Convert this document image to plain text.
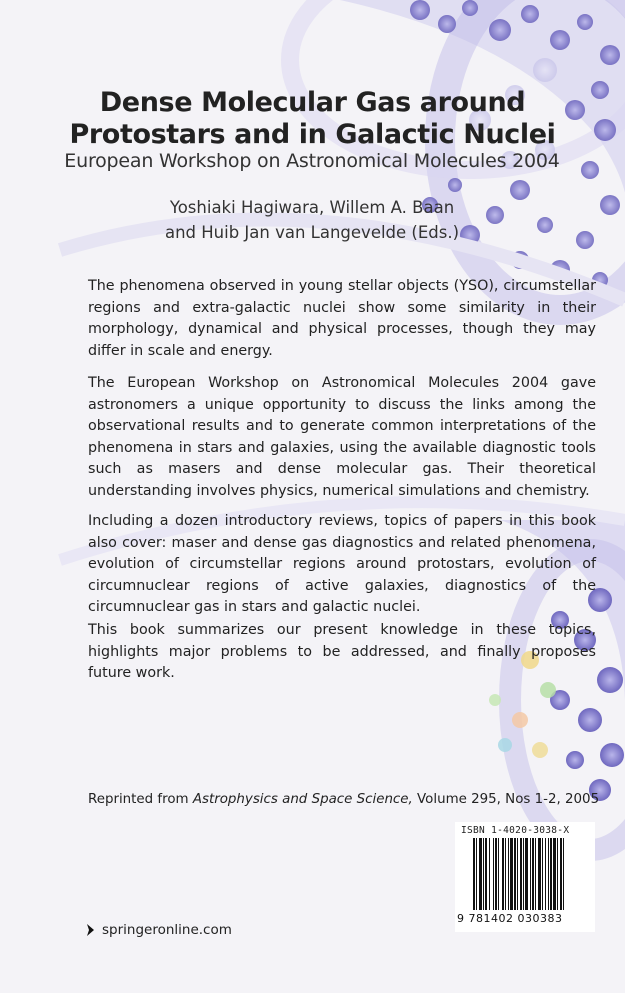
Dense Molecular Gas around
Protostars and in Galactic Nuclei
European Workshop on Astronomical Molecules 2004
Yoshiaki Hagiwara, Willem A. Baan
and Huib Jan van Langevelde (Eds.)
The phenomena observed in young stellar objects (YSO), circumstellar regions and extra-galactic nuclei show some similarity in their morphology, dynamical and physical processes, though they may differ in scale and energy.
The European Workshop on Astronomical Molecules 2004 gave astronomers a unique opportunity to discuss the links among the observational results and to generate common interpretations of the phenomena in stars and galaxies, using the available diagnostic tools such as masers and dense molecular gas. Their theoretical understanding involves physics, numerical simulations and chemistry.
Including a dozen introductory reviews, topics of papers in this book also cover: maser and dense gas diagnostics and related phenomena, evolution of circumstellar regions around protostars, evolution of circumnuclear regions of active galaxies, diagnostics of the circumnuclear gas in stars and galactic nuclei.
This book summarizes our present knowledge in these topics, highlights major problems to be addressed, and finally proposes future work.
Reprinted from Astrophysics and Space Science, Volume 295, Nos 1-2, 2005
ISBN 1-4020-3038-X
9 781402 030383
springeronline.com
